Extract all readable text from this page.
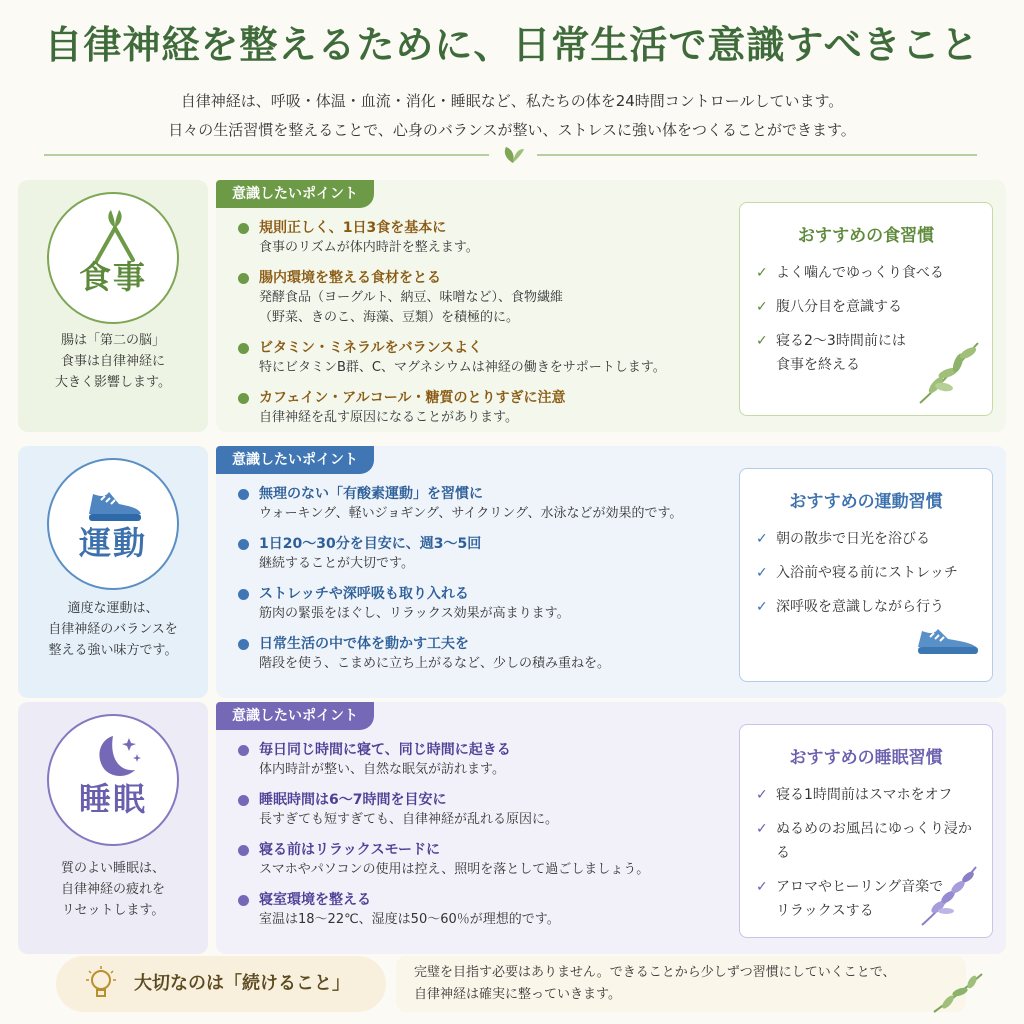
自律神経を整えるために、日常生活で意識すべきこと
自律神経は、呼吸・体温・血流・消化・睡眠など、私たちの体を24時間コントロールしています。
日々の生活習慣を整えることで、心身のバランスが整い、ストレスに強い体をつくることができます。
食事
腸は「第二の脳」
食事は自律神経に
大きく影響します。
意識したいポイント
規則正しく、1日3食を基本に
食事のリズムが体内時計を整えます。
腸内環境を整える食材をとる
発酵食品（ヨーグルト、納豆、味噌など）、食物繊維
（野菜、きのこ、海藻、豆類）を積極的に。
ビタミン・ミネラルをバランスよく
特にビタミンB群、C、マグネシウムは神経の働きをサポートします。
カフェイン・アルコール・糖質のとりすぎに注意
自律神経を乱す原因になることがあります。
おすすめの食習慣
✓ よく噛んでゆっくり食べる
✓ 腹八分目を意識する
✓ 寝る2〜3時間前には
食事を終える
運動
適度な運動は、
自律神経のバランスを
整える強い味方です。
意識したいポイント
無理のない「有酸素運動」を習慣に
ウォーキング、軽いジョギング、サイクリング、水泳などが効果的です。
1日20〜30分を目安に、週3〜5回
継続することが大切です。
ストレッチや深呼吸も取り入れる
筋肉の緊張をほぐし、リラックス効果が高まります。
日常生活の中で体を動かす工夫を
階段を使う、こまめに立ち上がるなど、少しの積み重ねを。
おすすめの運動習慣
✓ 朝の散歩で日光を浴びる
✓ 入浴前や寝る前にストレッチ
✓ 深呼吸を意識しながら行う
睡眠
質のよい睡眠は、
自律神経の疲れを
リセットします。
意識したいポイント
毎日同じ時間に寝て、同じ時間に起きる
体内時計が整い、自然な眠気が訪れます。
睡眠時間は6〜7時間を目安に
長すぎても短すぎても、自律神経が乱れる原因に。
寝る前はリラックスモードに
スマホやパソコンの使用は控え、照明を落として過ごしましょう。
寝室環境を整える
室温は18〜22℃、湿度は50〜60％が理想的です。
おすすめの睡眠習慣
✓ 寝る1時間前はスマホをオフ
✓ ぬるめのお風呂にゆっくり浸かる
✓ アロマやヒーリング音楽で
リラックスする
大切なのは「続けること」
完璧を目指す必要はありません。できることから少しずつ習慣にしていくことで、
自律神経は確実に整っていきます。
